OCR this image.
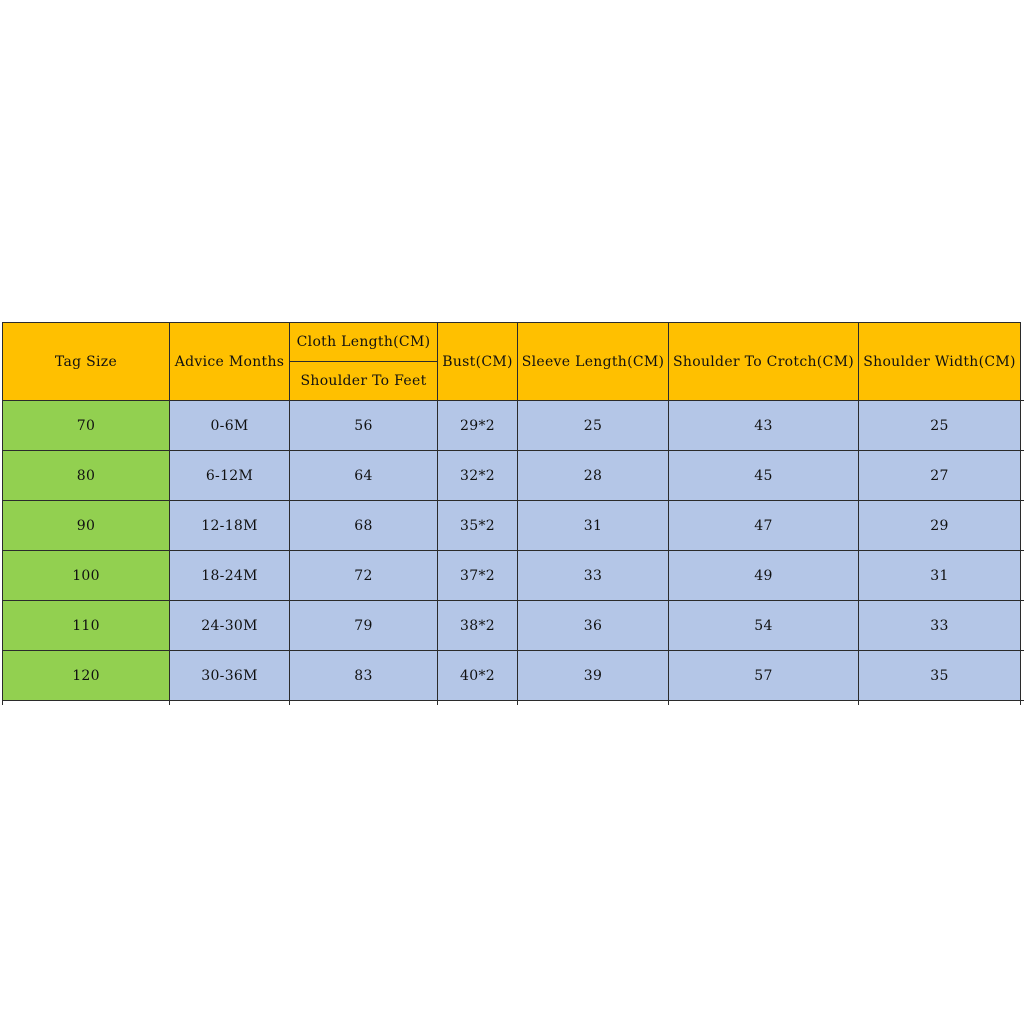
Tag Size	Advice Months	Cloth Length(CM)	Bust(CM)	Sleeve Length(CM)	Shoulder To Crotch(CM)	Shoulder Width(CM)	
		Shoulder To Feet					
70	0-6M	56	29*2	25	43	25	
80	6-12M	64	32*2	28	45	27	
90	12-18M	68	35*2	31	47	29	
100	18-24M	72	37*2	33	49	31	
110	24-30M	79	38*2	36	54	33	
120	30-36M	83	40*2	39	57	35	
